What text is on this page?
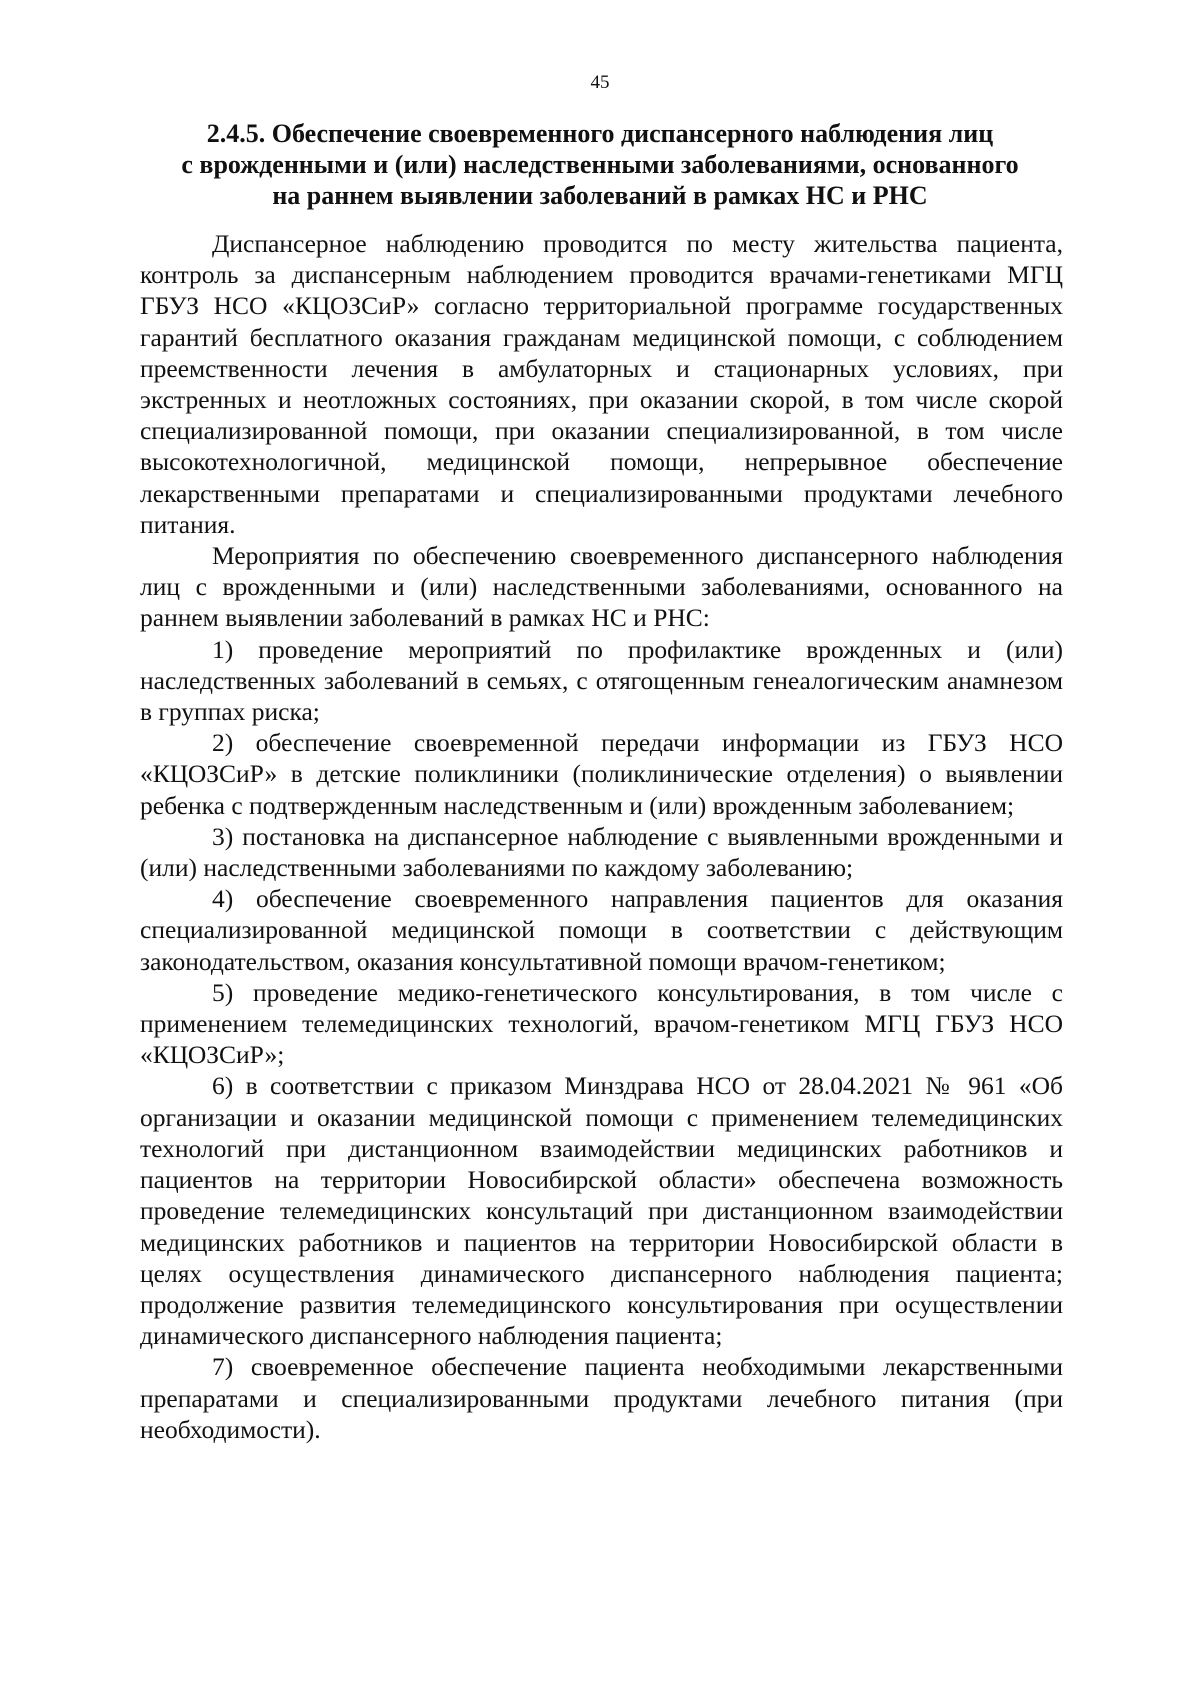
45
2.4.5. Обеспечение своевременного диспансерного наблюдения лиц
с врожденными и (или) наследственными заболеваниями, основанного
на раннем выявлении заболеваний в рамках НС и РНС

Диспансерное наблюдению проводится по месту жительства пациента, контроль за диспансерным наблюдением проводится врачами-генетиками МГЦ ГБУЗ НСО «КЦОЗСиР» согласно территориальной программе государственных гарантий бесплатного оказания гражданам медицинской помощи, с соблюдением преемственности лечения в амбулаторных и стационарных условиях, при экстренных и неотложных состояниях, при оказании скорой, в том числе скорой специализированной помощи, при оказании специализированной, в том числе высокотехнологичной, медицинской помощи, непрерывное обеспечение лекарственными препаратами и специализированными продуктами лечебного питания.

Мероприятия по обеспечению своевременного диспансерного наблюдения лиц с врожденными и (или) наследственными заболеваниями, основанного на раннем выявлении заболеваний в рамках НС и РНС:

1) проведение мероприятий по профилактике врожденных и (или) наследственных заболеваний в семьях, с отягощенным генеалогическим анамнезом в группах риска;

2) обеспечение своевременной передачи информации из ГБУЗ НСО «КЦОЗСиР» в детские поликлиники (поликлинические отделения) о выявлении ребенка с подтвержденным наследственным и (или) врожденным заболеванием;

3) постановка на диспансерное наблюдение с выявленными врожденными и (или) наследственными заболеваниями по каждому заболеванию;

4) обеспечение своевременного направления пациентов для оказания специализированной медицинской помощи в соответствии с действующим законодательством, оказания консультативной помощи врачом-генетиком;

5) проведение медико-генетического консультирования, в том числе с применением телемедицинских технологий, врачом-генетиком МГЦ ГБУЗ НСО «КЦОЗСиР»;

6) в соответствии с приказом Минздрава НСО от 28.04.2021 № 961 «Об организации и оказании медицинской помощи с применением телемедицинских технологий при дистанционном взаимодействии медицинских работников и пациентов на территории Новосибирской области» обеспечена возможность проведение телемедицинских консультаций при дистанционном взаимодействии медицинских работников и пациентов на территории Новосибирской области в целях осуществления динамического диспансерного наблюдения пациента; продолжение развития телемедицинского консультирования при осуществлении динамического диспансерного наблюдения пациента;

7) своевременное обеспечение пациента необходимыми лекарственными препаратами и специализированными продуктами лечебного питания (при необходимости).
